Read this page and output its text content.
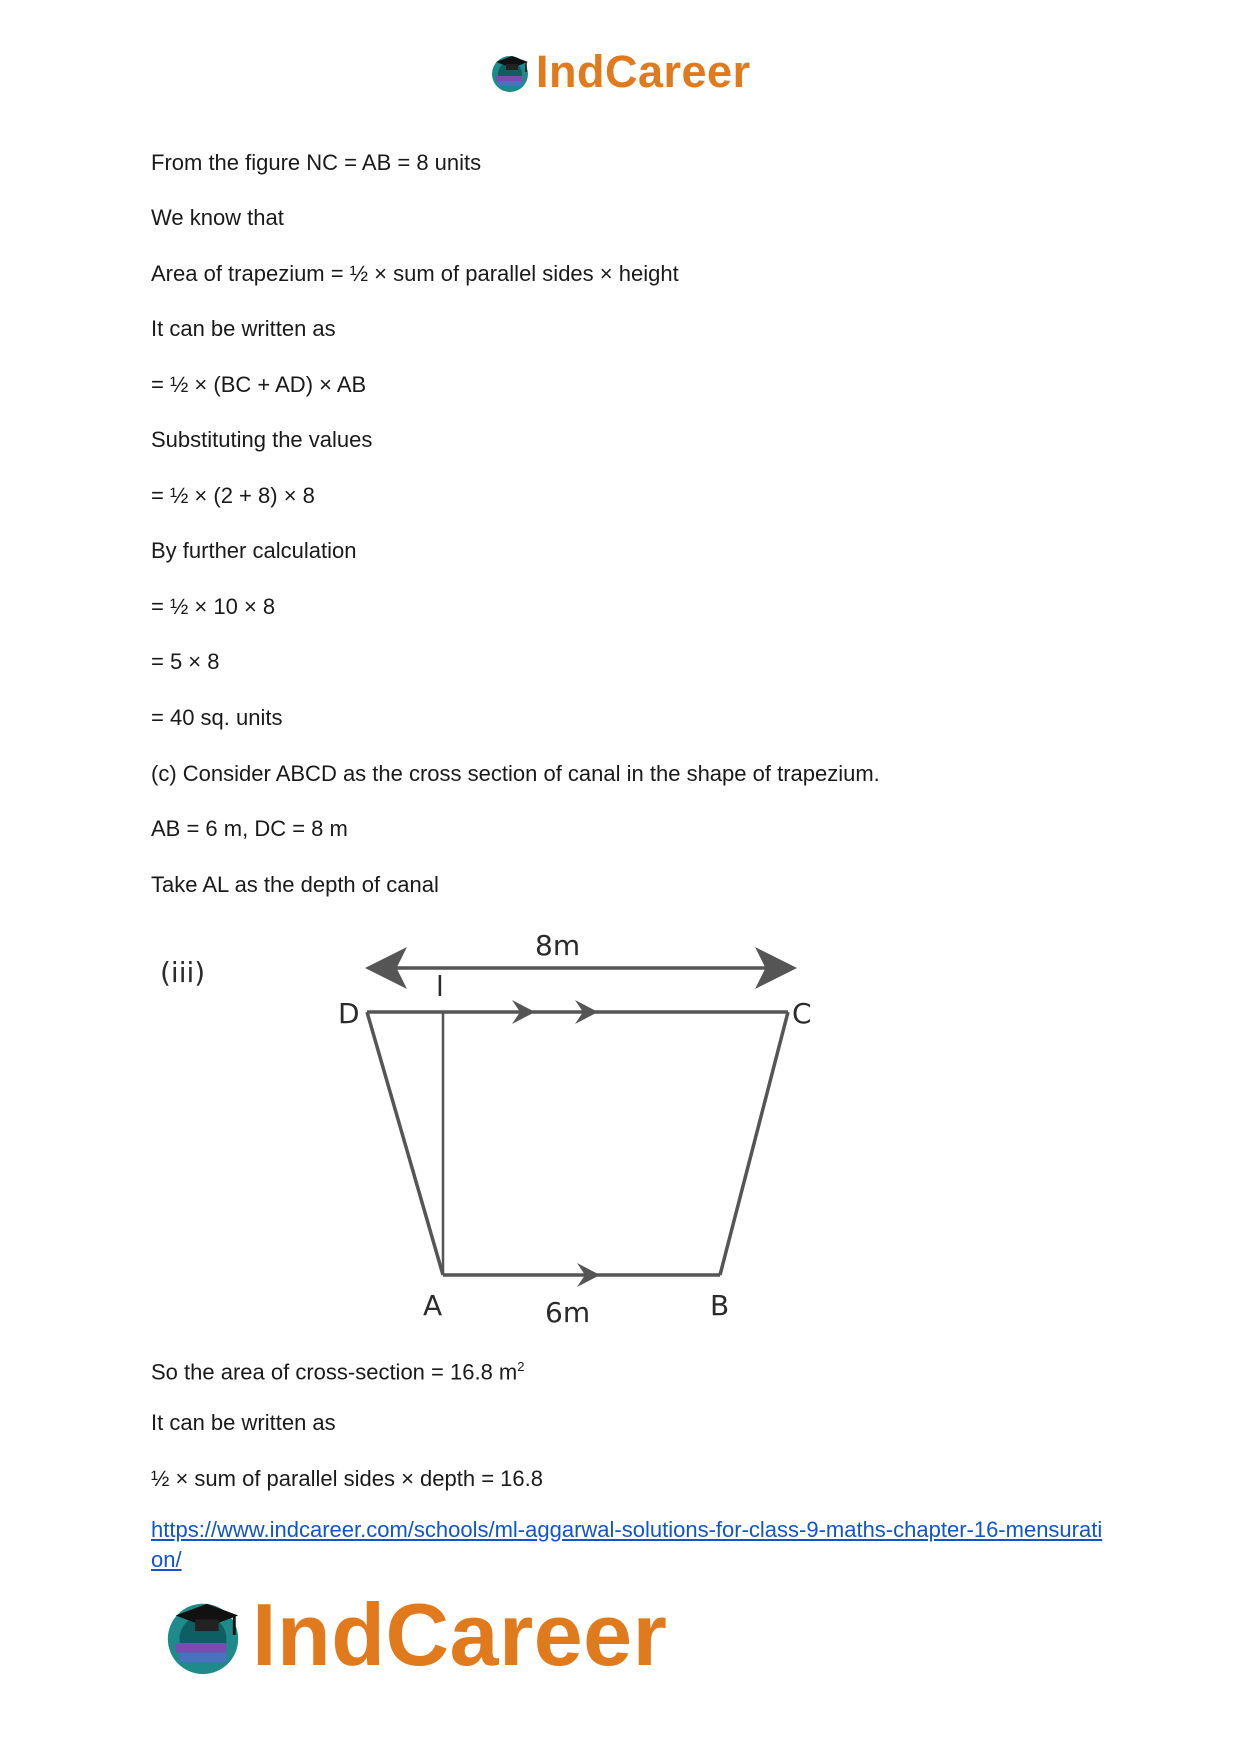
IndCareer
From the figure NC = AB = 8 units
We know that
Area of trapezium = ½ × sum of parallel sides × height
It can be written as
= ½ × (BC + AD) × AB
Substituting the values
= ½ × (2 + 8) × 8
By further calculation
= ½ × 10 × 8
= 5 × 8
= 40 sq. units
(c) Consider ABCD as the cross section of canal in the shape of trapezium.
AB = 6 m, DC = 8 m
Take AL as the depth of canal
(iii)
8m
D	C
l
A	B
6m
So the area of cross-section = 16.8 $m^2$
It can be written as
½ × sum of parallel sides × depth = 16.8
https://www.indcareer.com/schools/ml-aggarwal-solutions-for-class-9-maths-chapter-16-mensuration/
IndCareer
